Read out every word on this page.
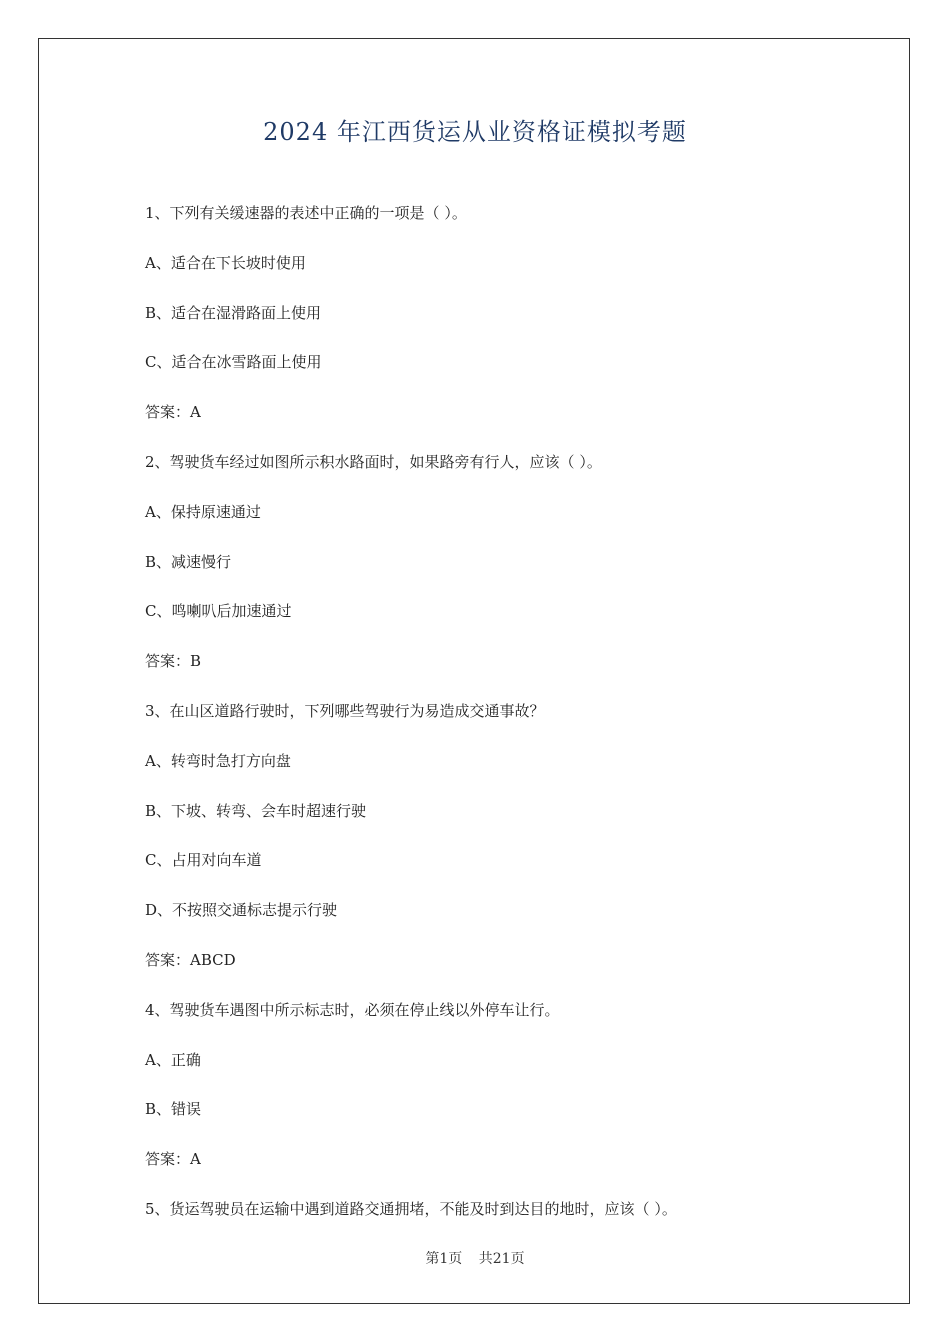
2024 年江西货运从业资格证模拟考题
1、下列有关缓速器的表述中正确的一项是（ ）。
A、适合在下长坡时使用
B、适合在湿滑路面上使用
C、适合在冰雪路面上使用
答案：A
2、驾驶货车经过如图所示积水路面时，如果路旁有行人，应该（ ）。
A、保持原速通过
B、减速慢行
C、鸣喇叭后加速通过
答案：B
3、在山区道路行驶时，下列哪些驾驶行为易造成交通事故？
A、转弯时急打方向盘
B、下坡、转弯、会车时超速行驶
C、占用对向车道
D、不按照交通标志提示行驶
答案：ABCD
4、驾驶货车遇图中所示标志时，必须在停止线以外停车让行。
A、正确
B、错误
答案：A
5、货运驾驶员在运输中遇到道路交通拥堵，不能及时到达目的地时，应该（ ）。
第1页 共21页
